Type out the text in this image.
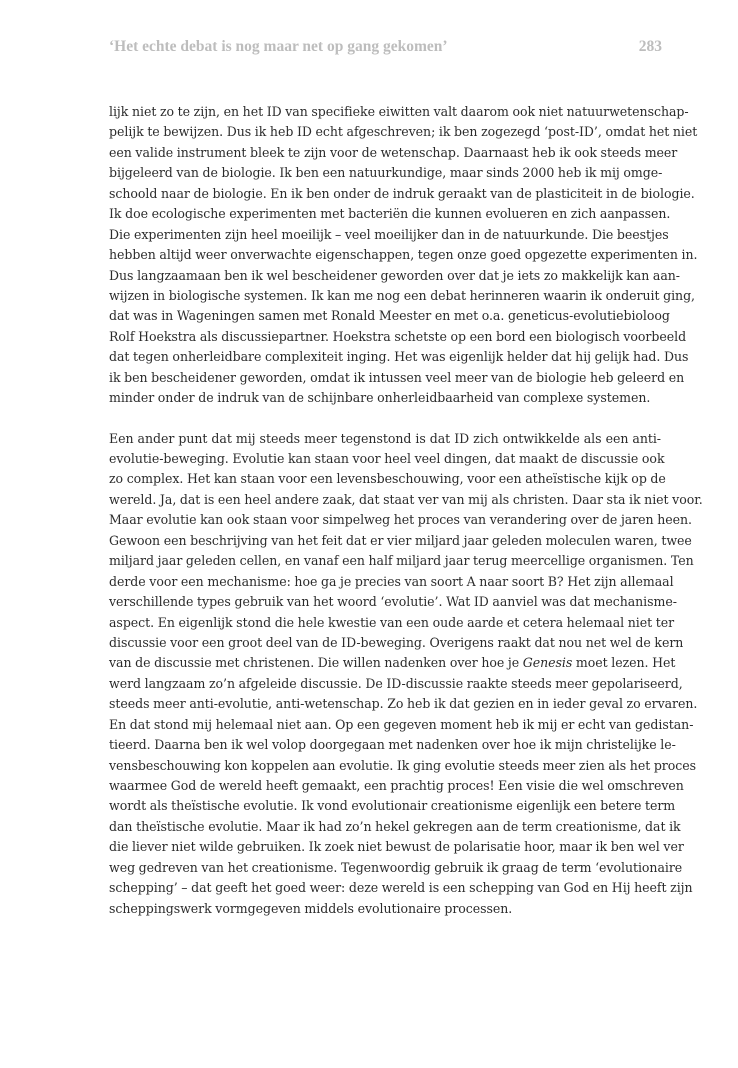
‘Het echte debat is nog maar net op gang gekomen’	283

lijk niet zo te zijn, en het ID van specifieke eiwitten valt daarom ook niet natuurwetenschap-
pelijk te bewijzen. Dus ik heb ID echt afgeschreven; ik ben zogezegd ‘post-ID’, omdat het niet
een valide instrument bleek te zijn voor de wetenschap. Daarnaast heb ik ook steeds meer
bijgeleerd van de biologie. Ik ben een natuurkundige, maar sinds 2000 heb ik mij omge-
schoold naar de biologie. En ik ben onder de indruk geraakt van de plasticiteit in de biologie.
Ik doe ecologische experimenten met bacteriën die kunnen evolueren en zich aanpassen.
Die experimenten zijn heel moeilijk – veel moeilijker dan in de natuurkunde. Die beestjes
hebben altijd weer onverwachte eigenschappen, tegen onze goed opgezette experimenten in.
Dus langzaamaan ben ik wel bescheidener geworden over dat je iets zo makkelijk kan aan-
wijzen in biologische systemen. Ik kan me nog een debat herinneren waarin ik onderuit ging,
dat was in Wageningen samen met Ronald Meester en met o.a. geneticus-evolutiebioloog
Rolf Hoekstra als discussiepartner. Hoekstra schetste op een bord een biologisch voorbeeld
dat tegen onherleidbare complexiteit inging. Het was eigenlijk helder dat hij gelijk had. Dus
ik ben bescheidener geworden, omdat ik intussen veel meer van de biologie heb geleerd en
minder onder de indruk van de schijnbare onherleidbaarheid van complexe systemen.

Een ander punt dat mij steeds meer tegenstond is dat ID zich ontwikkelde als een anti-
evolutie-beweging. Evolutie kan staan voor heel veel dingen, dat maakt de discussie ook
zo complex. Het kan staan voor een levensbeschouwing, voor een atheïstische kijk op de
wereld. Ja, dat is een heel andere zaak, dat staat ver van mij als christen. Daar sta ik niet voor.
Maar evolutie kan ook staan voor simpelweg het proces van verandering over de jaren heen.
Gewoon een beschrijving van het feit dat er vier miljard jaar geleden moleculen waren, twee
miljard jaar geleden cellen, en vanaf een half miljard jaar terug meercellige organismen. Ten
derde voor een mechanisme: hoe ga je precies van soort A naar soort B? Het zijn allemaal
verschillende types gebruik van het woord ‘evolutie’. Wat ID aanviel was dat mechanisme-
aspect. En eigenlijk stond die hele kwestie van een oude aarde et cetera helemaal niet ter
discussie voor een groot deel van de ID-beweging. Overigens raakt dat nou net wel de kern
van de discussie met christenen. Die willen nadenken over hoe je Genesis moet lezen. Het
werd langzaam zo’n afgeleide discussie. De ID-discussie raakte steeds meer gepolariseerd,
steeds meer anti-evolutie, anti-wetenschap. Zo heb ik dat gezien en in ieder geval zo ervaren.
En dat stond mij helemaal niet aan. Op een gegeven moment heb ik mij er echt van gedistan-
tieerd. Daarna ben ik wel volop doorgegaan met nadenken over hoe ik mijn christelijke le-
vensbeschouwing kon koppelen aan evolutie. Ik ging evolutie steeds meer zien als het proces
waarmee God de wereld heeft gemaakt, een prachtig proces! Een visie die wel omschreven
wordt als theïstische evolutie. Ik vond evolutionair creationisme eigenlijk een betere term
dan theïstische evolutie. Maar ik had zo’n hekel gekregen aan de term creationisme, dat ik
die liever niet wilde gebruiken. Ik zoek niet bewust de polarisatie hoor, maar ik ben wel ver
weg gedreven van het creationisme. Tegenwoordig gebruik ik graag de term ‘evolutionaire
schepping’ – dat geeft het goed weer: deze wereld is een schepping van God en Hij heeft zijn
scheppingswerk vormgegeven middels evolutionaire processen.
